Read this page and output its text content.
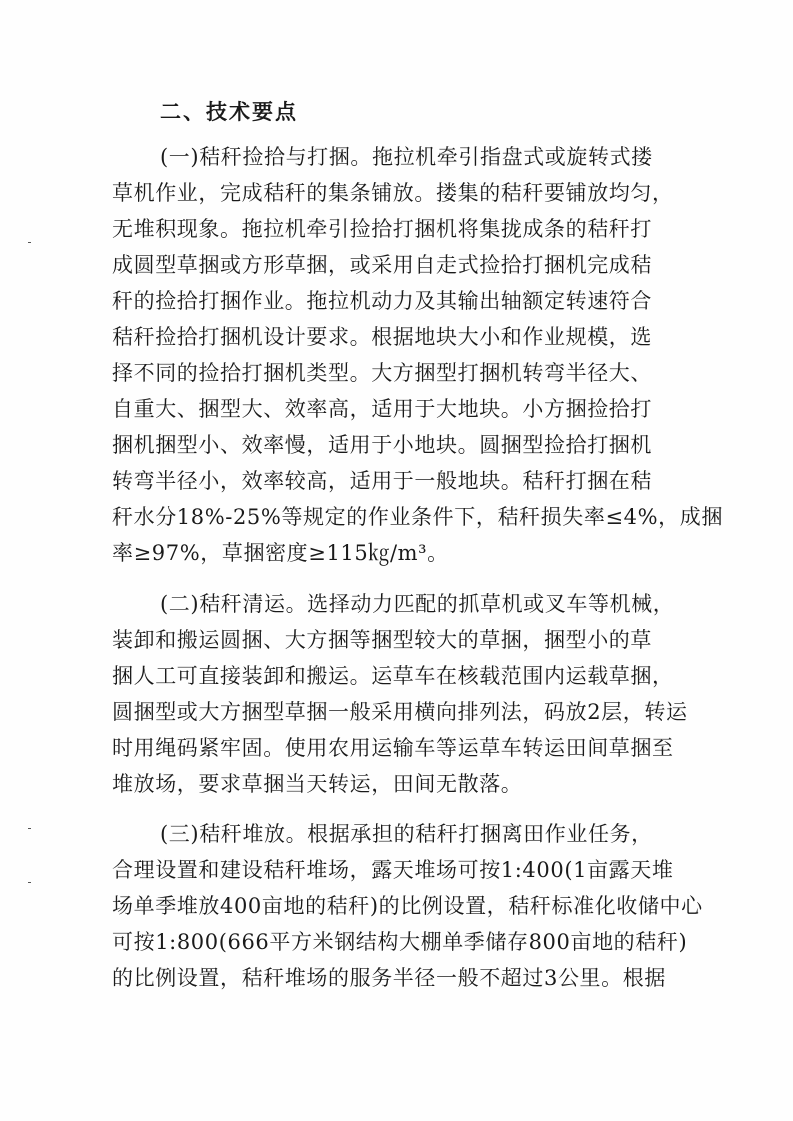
二、技术要点

(一)秸秆捡拾与打捆。拖拉机牵引指盘式或旋转式搂

草机作业，完成秸秆的集条铺放。搂集的秸秆要铺放均匀，

无堆积现象。拖拉机牵引捡拾打捆机将集拢成条的秸秆打

成圆型草捆或方形草捆，或采用自走式捡拾打捆机完成秸

秆的捡拾打捆作业。拖拉机动力及其输出轴额定转速符合

秸秆捡拾打捆机设计要求。根据地块大小和作业规模，选

择不同的捡拾打捆机类型。大方捆型打捆机转弯半径大、

自重大、捆型大、效率高，适用于大地块。小方捆捡拾打

捆机捆型小、效率慢，适用于小地块。圆捆型捡拾打捆机

转弯半径小，效率较高，适用于一般地块。秸秆打捆在秸

秆水分18%-25%等规定的作业条件下，秸秆损失率≤4%，成捆

率≥97%，草捆密度≥115㎏/m³。

(二)秸秆清运。选择动力匹配的抓草机或叉车等机械，

装卸和搬运圆捆、大方捆等捆型较大的草捆，捆型小的草

捆人工可直接装卸和搬运。运草车在核载范围内运载草捆，

圆捆型或大方捆型草捆一般采用横向排列法，码放2层，转运

时用绳码紧牢固。使用农用运输车等运草车转运田间草捆至

堆放场，要求草捆当天转运，田间无散落。

(三)秸秆堆放。根据承担的秸秆打捆离田作业任务，

合理设置和建设秸秆堆场，露天堆场可按1:400(1亩露天堆

场单季堆放400亩地的秸秆)的比例设置，秸秆标准化收储中心

可按1:800(666平方米钢结构大棚单季储存800亩地的秸秆)

的比例设置，秸秆堆场的服务半径一般不超过3公里。根据
